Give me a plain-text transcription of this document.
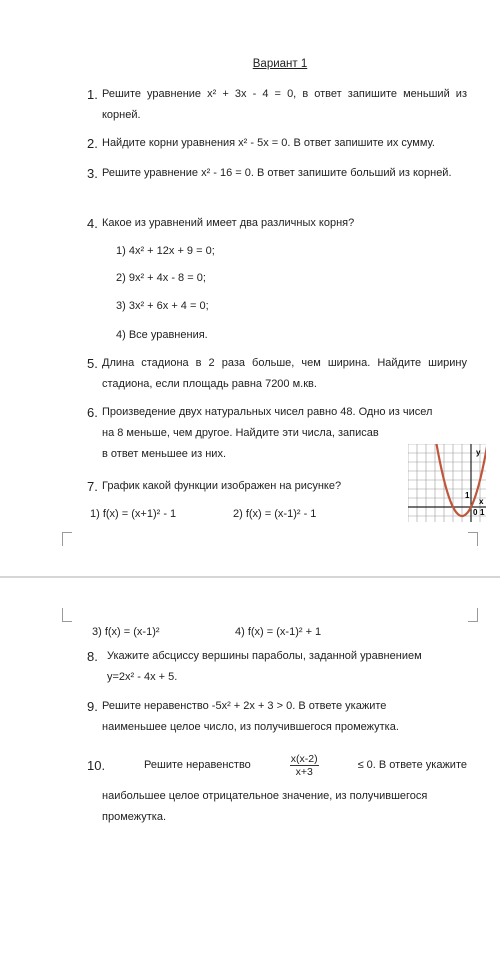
Вариант 1
1. Решите уравнение x² + 3x - 4 = 0, в ответ запишите меньший из корней.
2. Найдите корни уравнения x² - 5x = 0. В ответ запишите их сумму.
3. Решите уравнение x² - 16 = 0. В ответ запишите больший из корней.
4. Какое из уравнений имеет два различных корня?
1) 4x² + 12x + 9 = 0;
2) 9x² + 4x - 8 = 0;
3) 3x² + 6x + 4 = 0;
4) Все уравнения.
5. Длина стадиона в 2 раза больше, чем ширина. Найдите ширину стадиона, если площадь равна 7200 м.кв.
6. Произведение двух натуральных чисел равно 48. Одно из чисел
на 8 меньше, чем другое. Найдите эти числа, записав
в ответ меньшее из них.
7. График какой функции изображен на рисунке?
1) f(x) = (x+1)² - 1	2) f(x) = (x-1)² - 1
y
x
1
0 1
3) f(x) = (x-1)²	4) f(x) = (x-1)² + 1
8. Укажите абсциссу вершины параболы, заданной уравнением
y=2x² - 4x + 5.
9. Решите неравенство -5x² + 2x + 3 > 0. В ответе укажите
наименьшее целое число, из получившегося промежутка.
10.	Решите неравенство	$\frac{x(x-2)}{x+3}$	≤ 0. В ответе укажите
наибольшее целое отрицательное значение, из получившегося
промежутка.
